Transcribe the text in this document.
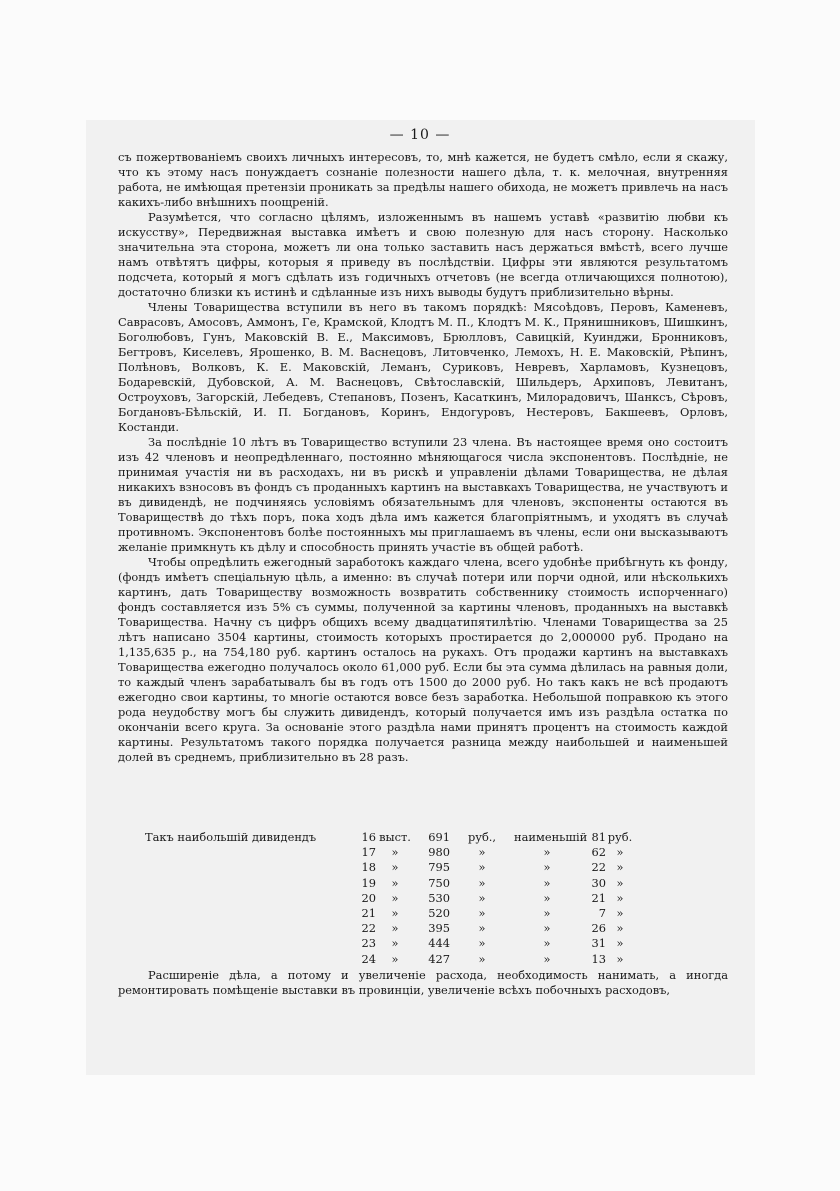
— 10 —

съ пожертвованіемъ своихъ личныхъ интересовъ, то, мнѣ кажется, не будетъ смѣло, если я скажу, что къ этому насъ понуждаетъ сознаніе полезности нашего дѣла, т. к. мелочная, внутренняя работа, не имѣющая претензіи проникать за предѣлы нашего обихода, не можетъ привлечь на насъ какихъ-либо внѣшнихъ поощреній.

Разумѣется, что согласно цѣлямъ, изложеннымъ въ нашемъ уставѣ «развитію любви къ искусству», Передвижная выставка имѣетъ и свою полезную для насъ сторону. Насколько значительна эта сторона, можетъ ли она только заставить насъ держаться вмѣстѣ, всего лучше намъ отвѣтятъ цифры, которыя я приведу въ послѣдствіи. Цифры эти являются результатомъ подсчета, который я могъ сдѣлать изъ годичныхъ отчетовъ (не всегда отличающихся полнотою), достаточно близки къ истинѣ и сдѣланные изъ нихъ выводы будутъ приблизительно вѣрны.

Члены Товарищества вступили въ него въ такомъ порядкѣ: Мясоѣдовъ, Перовъ, Каменевъ, Саврасовъ, Амосовъ, Аммонъ, Ге, Крамской, Клодтъ М. П., Клодтъ М. К., Прянишниковъ, Шишкинъ, Боголюбовъ, Гунъ, Маковскій В. Е., Максимовъ, Брюлловъ, Савицкій, Куинджи, Бронниковъ, Бегтровъ, Киселевъ, Ярошенко, В. М. Васнецовъ, Литовченко, Лемохъ, Н. Е. Маковскій, Рѣпинъ, Полѣновъ, Волковъ, К. Е. Маковскій, Леманъ, Суриковъ, Невревъ, Харламовъ, Кузнецовъ, Бодаревскій, Дубовской, А. М. Васнецовъ, Свѣтославскій, Шильдеръ, Архиповъ, Левитанъ, Остроуховъ, Загорскій, Лебедевъ, Степановъ, Позенъ, Касаткинъ, Милорадовичъ, Шанксъ, Сѣровъ, Богдановъ-Бѣльскій, И. П. Богдановъ, Коринъ, Ендогуровъ, Нестеровъ, Бакшеевъ, Орловъ, Костанди.

За послѣдніе 10 лѣтъ въ Товарищество вступили 23 члена. Въ настоящее время оно состоитъ изъ 42 членовъ и неопредѣленнаго, постоянно мѣняющагося числа экспонентовъ. Послѣдніе, не принимая участія ни въ расходахъ, ни въ рискѣ и управленіи дѣлами Товарищества, не дѣлая никакихъ взносовъ въ фондъ съ проданныхъ картинъ на выставкахъ Товарищества, не участвуютъ и въ дивидендѣ, не подчиняясь условіямъ обязательнымъ для членовъ, экспоненты остаются въ Товариществѣ до тѣхъ поръ, пока ходъ дѣла имъ кажется благопріятнымъ, и уходятъ въ случаѣ противномъ. Экспонентовъ болѣе постоянныхъ мы приглашаемъ въ члены, если они высказываютъ желаніе примкнуть къ дѣлу и способность принять участіе въ общей работѣ.

Чтобы опредѣлить ежегодный заработокъ каждаго члена, всего удобнѣе прибѣгнуть къ фонду, (фондъ имѣетъ спеціальную цѣль, а именно: въ случаѣ потери или порчи одной, или нѣсколькихъ картинъ, дать Товариществу возможность возвратить собственнику стоимость испорченнаго) фондъ составляется изъ 5% съ суммы, полученной за картины членовъ, проданныхъ на выставкѣ Товарищества. Начну съ цифръ общихъ всему двадцатипятилѣтію. Членами Товарищества за 25 лѣтъ написано 3504 картины, стоимость которыхъ простирается до 2,000000 руб. Продано на 1,135,635 р., на 754,180 руб. картинъ осталось на рукахъ. Отъ продажи картинъ на выставкахъ Товарищества ежегодно получалось около 61,000 руб. Если бы эта сумма дѣлилась на равныя доли, то каждый членъ зарабатывалъ бы въ годъ отъ 1500 до 2000 руб. Но такъ какъ не всѣ продаютъ ежегодно свои картины, то многіе остаются вовсе безъ заработка. Небольшой поправкою къ этого рода неудобству могъ бы служить дивидендъ, который получается имъ изъ раздѣла остатка по окончаніи всего круга. За основаніе этого раздѣла нами принятъ процентъ на стоимость каждой картины. Результатомъ такого порядка получается разница между наибольшей и наименьшей долей въ среднемъ, приблизительно въ 28 разъ.

Такъ наибольшій дивидендъ	16 выст.	691	руб.,	наименьшій 81 руб.
17	»	980	»	»	62 »
18	»	795	»	»	22 »
19	»	750	»	»	30 »
20	»	530	»	»	21 »
21	»	520	»	»	7 »
22	»	395	»	»	26 »
23	»	444	»	»	31 »
24	»	427	»	»	13 »

Расширеніе дѣла, а потому и увеличеніе расхода, необходимость нанимать, а иногда ремонтировать помѣщеніе выставки въ провинціи, увеличеніе всѣхъ побочныхъ расходовъ,
